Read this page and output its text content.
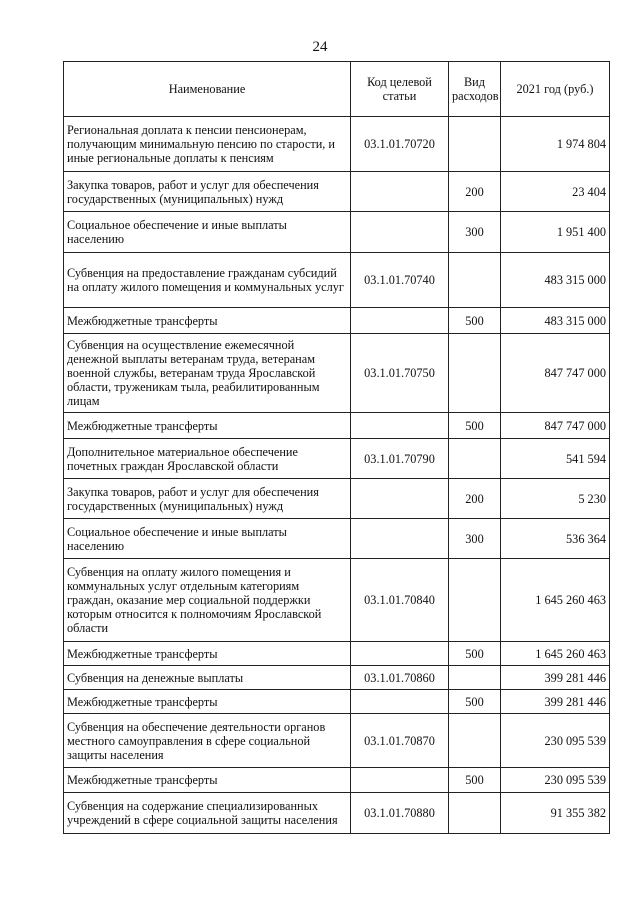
24
Наименование	Код целевой статьи	Вид расходов	2021 год (руб.)
Региональная доплата к пенсии пенсионерам, получающим минимальную пенсию по старости, и иные региональные доплаты к пенсиям	03.1.01.70720		1 974 804
Закупка товаров, работ и услуг для обеспечения государственных (муниципальных) нужд		200	23 404
Социальное обеспечение и иные выплаты населению		300	1 951 400
Субвенция на предоставление гражданам субсидий на оплату жилого помещения и коммунальных услуг	03.1.01.70740		483 315 000
Межбюджетные трансферты		500	483 315 000
Субвенция на осуществление ежемесячной денежной выплаты ветеранам труда, ветеранам военной службы, ветеранам труда Ярославской области, труженикам тыла, реабилитированным лицам	03.1.01.70750		847 747 000
Межбюджетные трансферты		500	847 747 000
Дополнительное материальное обеспечение почетных граждан Ярославской области	03.1.01.70790		541 594
Закупка товаров, работ и услуг для обеспечения государственных (муниципальных) нужд		200	5 230
Социальное обеспечение и иные выплаты населению		300	536 364
Субвенция на оплату жилого помещения и коммунальных услуг отдельным категориям граждан, оказание мер социальной поддержки которым относится к полномочиям Ярославской области	03.1.01.70840		1 645 260 463
Межбюджетные трансферты		500	1 645 260 463
Субвенция на денежные выплаты	03.1.01.70860		399 281 446
Межбюджетные трансферты		500	399 281 446
Субвенция на обеспечение деятельности органов местного самоуправления в сфере социальной защиты населения	03.1.01.70870		230 095 539
Межбюджетные трансферты		500	230 095 539
Субвенция на содержание специализированных учреждений в сфере социальной защиты населения	03.1.01.70880		91 355 382
